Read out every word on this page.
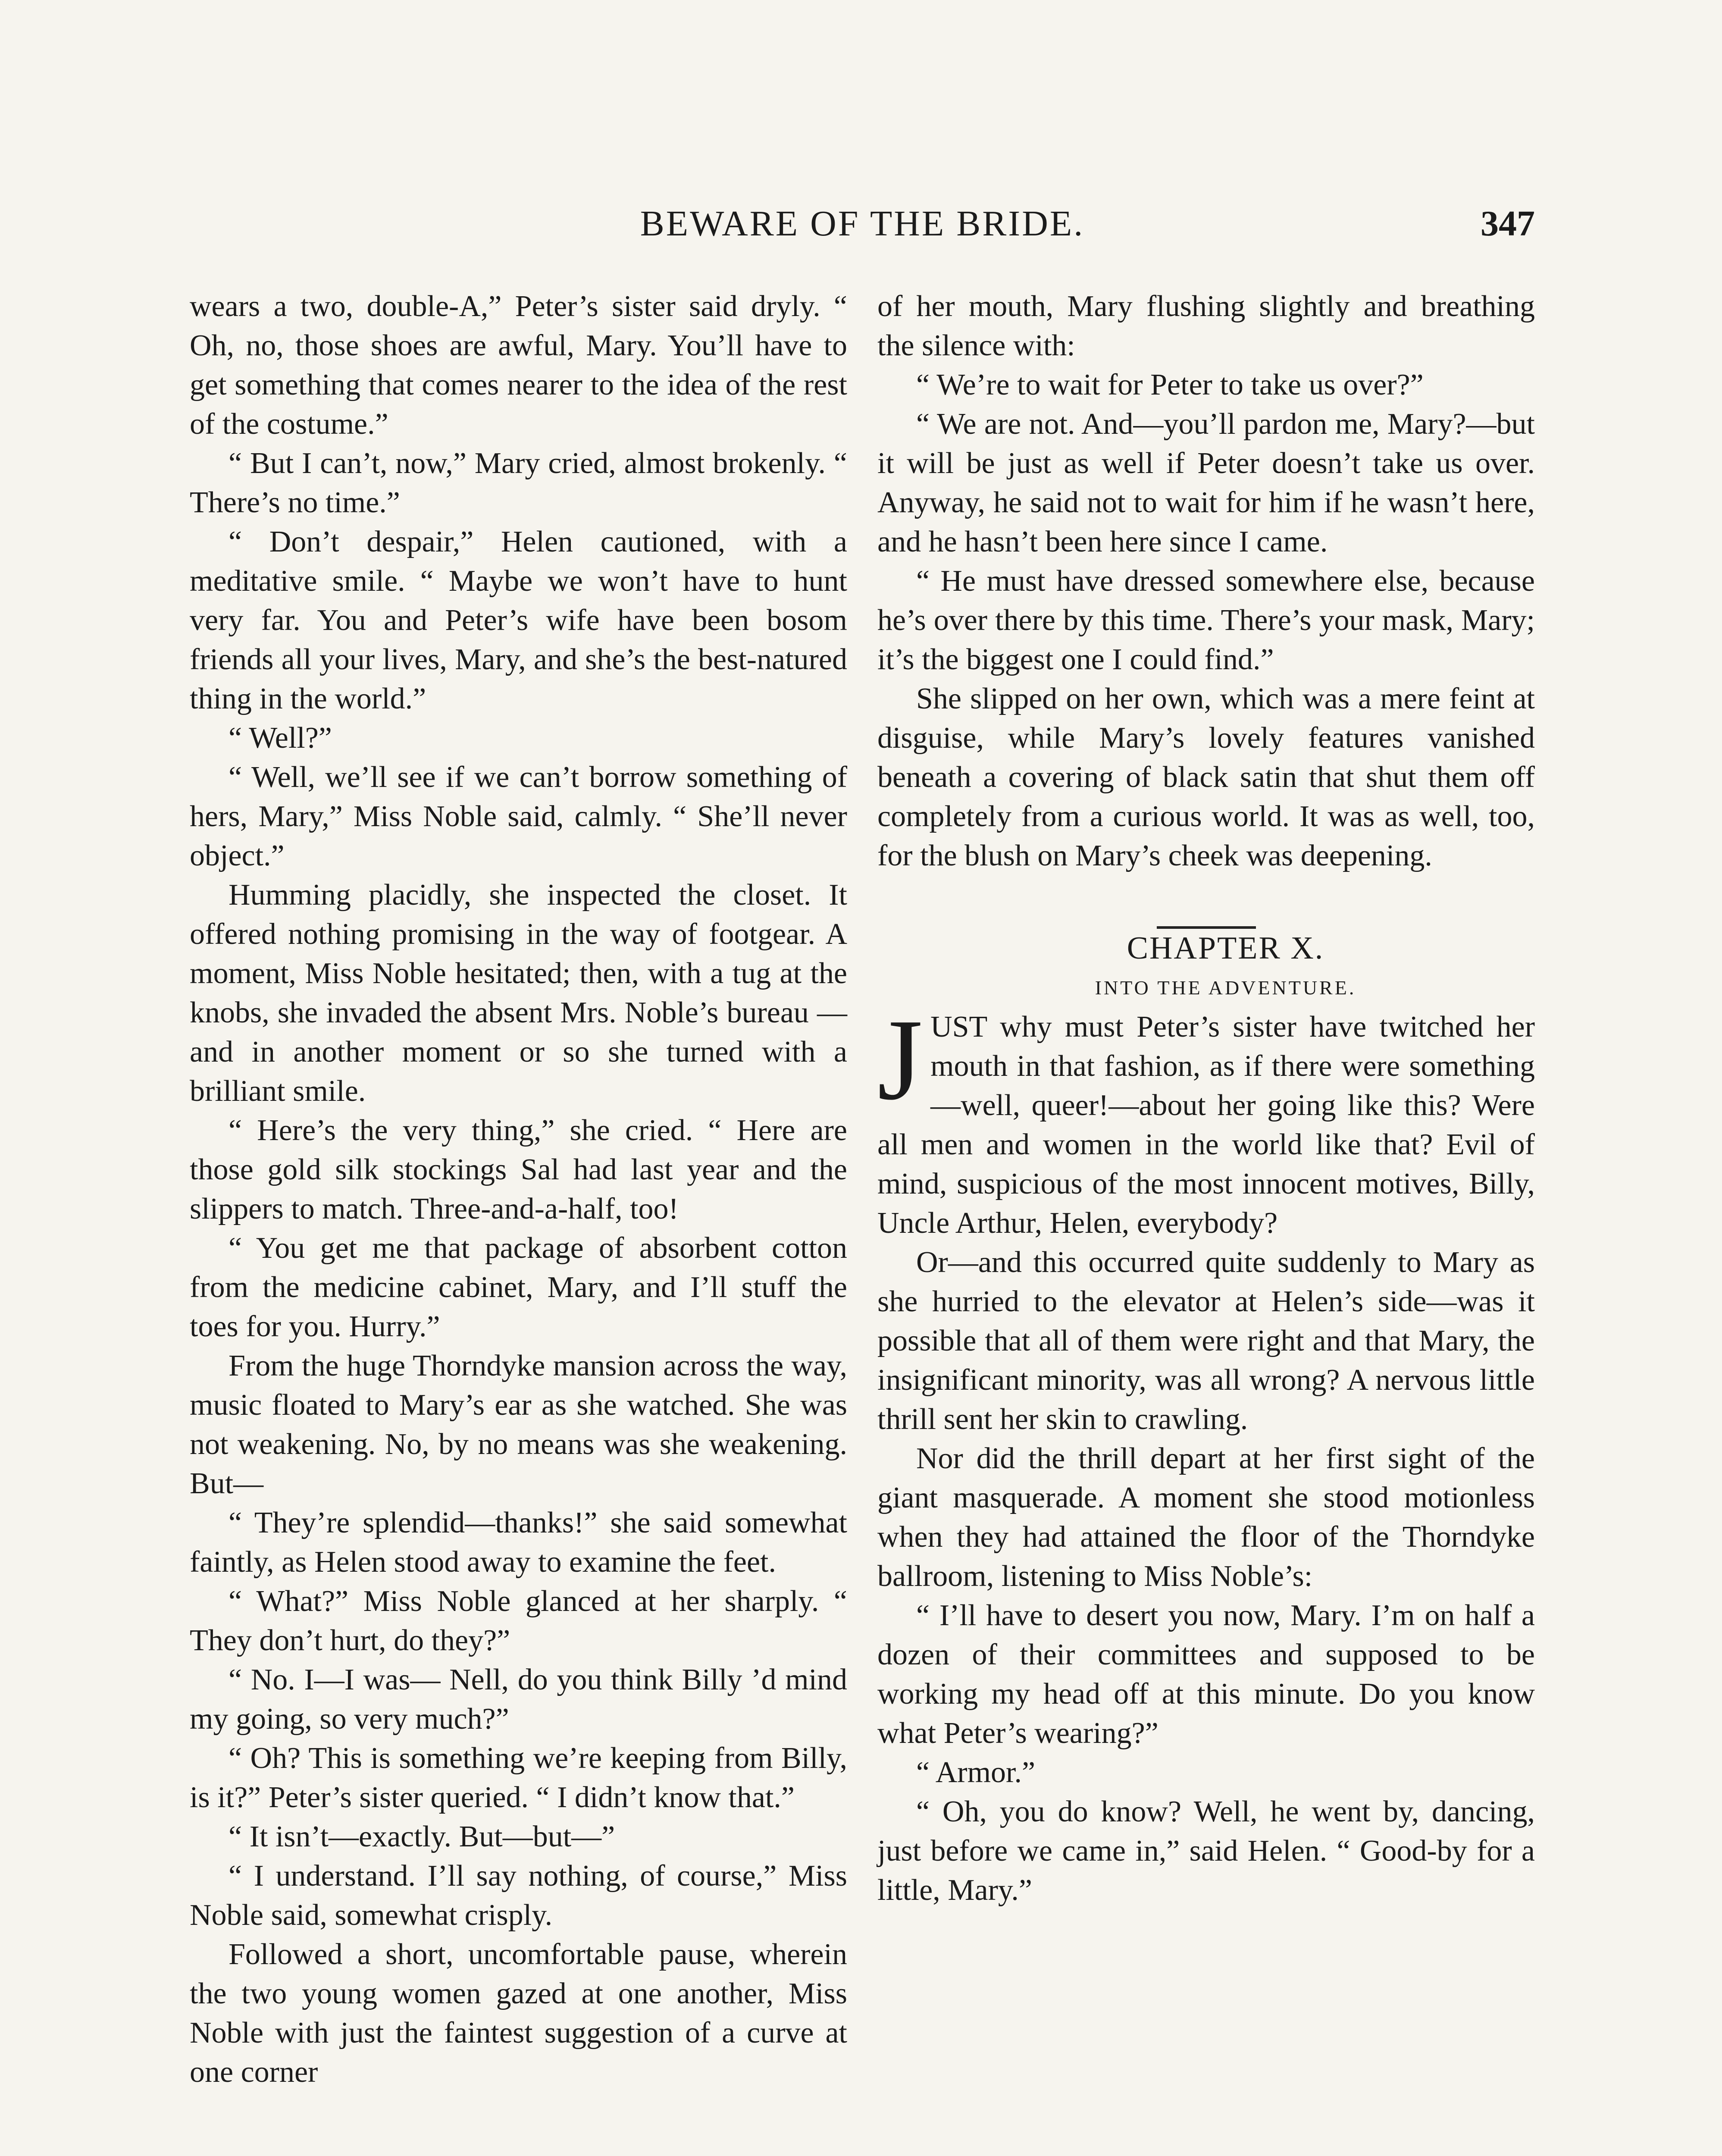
BEWARE OF THE BRIDE.	347

wears a two, double-A,” Peter’s sister said dryly. “ Oh, no, those shoes are awful, Mary. You’ll have to get something that comes nearer to the idea of the rest of the costume.”

“ But I can’t, now,” Mary cried, almost brokenly. “ There’s no time.”

“ Don’t despair,” Helen cautioned, with a meditative smile. “ Maybe we won’t have to hunt very far. You and Peter’s wife have been bosom friends all your lives, Mary, and she’s the best-natured thing in the world.”

“ Well?”

“ Well, we’ll see if we can’t borrow something of hers, Mary,” Miss Noble said, calmly. “ She’ll never object.”

Humming placidly, she inspected the closet. It offered nothing promising in the way of footgear. A moment, Miss Noble hesitated; then, with a tug at the knobs, she invaded the absent Mrs. Noble’s bureau —and in another moment or so she turned with a brilliant smile.

“ Here’s the very thing,” she cried. “ Here are those gold silk stockings Sal had last year and the slippers to match. Three-and-a-half, too!

“ You get me that package of absorbent cotton from the medicine cabinet, Mary, and I’ll stuff the toes for you. Hurry.”

From the huge Thorndyke mansion across the way, music floated to Mary’s ear as she watched. She was not weakening. No, by no means was she weakening. But—

“ They’re splendid—thanks!” she said somewhat faintly, as Helen stood away to examine the feet.

“ What?” Miss Noble glanced at her sharply. “ They don’t hurt, do they?”

“ No. I—I was— Nell, do you think Billy ’d mind my going, so very much?”

“ Oh? This is something we’re keeping from Billy, is it?” Peter’s sister queried. “ I didn’t know that.”

“ It isn’t—exactly. But—but—”

“ I understand. I’ll say nothing, of course,” Miss Noble said, somewhat crisply.

Followed a short, uncomfortable pause, wherein the two young women gazed at one another, Miss Noble with just the faintest suggestion of a curve at one corner

of her mouth, Mary flushing slightly and breathing the silence with:

“ We’re to wait for Peter to take us over?”

“ We are not. And—you’ll pardon me, Mary?—but it will be just as well if Peter doesn’t take us over. Anyway, he said not to wait for him if he wasn’t here, and he hasn’t been here since I came.

“ He must have dressed somewhere else, because he’s over there by this time. There’s your mask, Mary; it’s the biggest one I could find.”

She slipped on her own, which was a mere feint at disguise, while Mary’s lovely features vanished beneath a covering of black satin that shut them off completely from a curious world. It was as well, too, for the blush on Mary’s cheek was deepening.

CHAPTER X.

INTO THE ADVENTURE.

JUST why must Peter’s sister have twitched her mouth in that fashion, as if there were something—well, queer!—about her going like this? Were all men and women in the world like that? Evil of mind, suspicious of the most innocent motives, Billy, Uncle Arthur, Helen, everybody?

Or—and this occurred quite suddenly to Mary as she hurried to the elevator at Helen’s side—was it possible that all of them were right and that Mary, the insignificant minority, was all wrong? A nervous little thrill sent her skin to crawling.

Nor did the thrill depart at her first sight of the giant masquerade. A moment she stood motionless when they had attained the floor of the Thorndyke ballroom, listening to Miss Noble’s:

“ I’ll have to desert you now, Mary. I’m on half a dozen of their committees and supposed to be working my head off at this minute. Do you know what Peter’s wearing?”

“ Armor.”

“ Oh, you do know? Well, he went by, dancing, just before we came in,” said Helen. “ Good-by for a little, Mary.”
